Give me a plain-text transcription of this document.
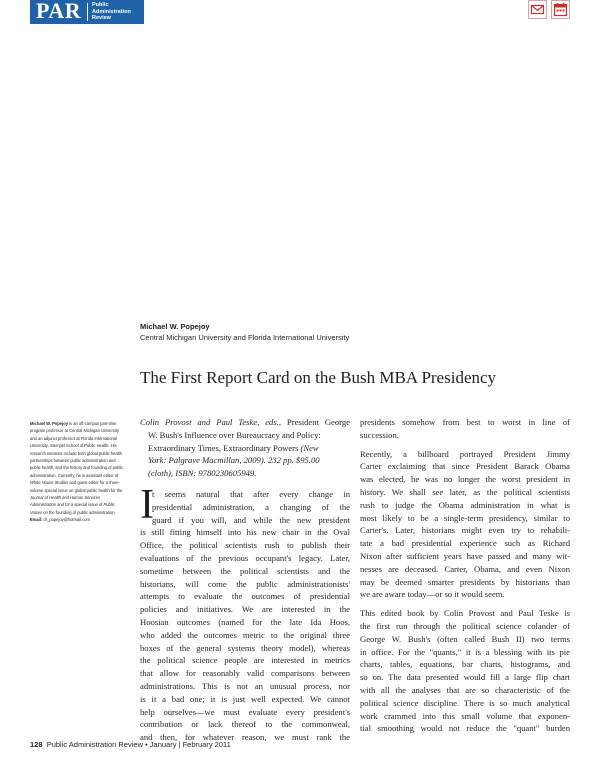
PAR Public
Administration
Review
Michael W. Popejoy
Central Michigan University and Florida International University
The First Report Card on the Bush MBA Presidency
Michael W. Popejoy is an off-campus part-time program professor at Central Michigan University and an adjunct professor at Florida International University, Stempel School of Public Health. His research interests include both global public health partnerships between public administration and public health, and the history and founding of public administration. Currently, he is assistant editor of White House Studies and guest editor for a three-volume special issue on global public health for the Journal of Health and Human Services Administration and for a special issue of Public Voices on the founding of public administration.
Email: dr_popejoy@hotmail.com
Colin Provost and Paul Teske, eds., President George
W. Bush's Influence over Bureaucracy and Policy:
Extraordinary Times, Extraordinary Powers (New
York: Palgrave Macmillan, 2009). 232 pp. $95.00
(cloth), ISBN: 9780230605949.
I
t seems natural that after every change in
presidential administration, a changing of the
guard if you will, and while the new president
is still fitting himself into his new chair in the Oval
Office, the political scientists rush to publish their
evaluations of the previous occupant's legacy. Later,
sometime between the political scientists and the
historians, will come the public administrationists'
attempts to evaluate the outcomes of presidential
policies and initiatives. We are interested in the
Hoosian outcomes (named for the late Ida Hoos,
who added the outcomes metric to the original three
boxes of the general systems theory model), whereas
the political science people are interested in metrics
that allow for reasonably valid comparisons between
administrations. This is not an unusual process, nor
is it a bad one; it is just well expected. We cannot
help ourselves—we must evaluate every president's
contribution or lack thereof to the commonweal,
and then, for whatever reason, we must rank the
presidents somehow from best to worst in line of
succession.
Recently, a billboard portrayed President Jimmy
Carter exclaiming that since President Barack Obama
was elected, he was no longer the worst president in
history. We shall see later, as the political scientists
rush to judge the Obama administration in what is
most likely to be a single-term presidency, similar to
Carter's. Later, historians might even try to rehabili-
tate a bad presidential experience such as Richard
Nixon after sufficient years have passed and many wit-
nesses are deceased. Carter, Obama, and even Nixon
may be deemed smarter presidents by historians than
we are aware today—or so it would seem.
This edited book by Colin Provost and Paul Teske is
the first run through the political science colander of
George W. Bush's (often called Bush II) two terms
in office. For the "quants," it is a blessing with its pie
charts, tables, equations, bar charts, histograms, and
so on. The data presented would fill a large flip chart
with all the analyses that are so characteristic of the
political science discipline. There is so much analytical
work crammed into this small volume that exponen-
tial smoothing would not reduce the "quant" burden
128 Public Administration Review • January | February 2011
